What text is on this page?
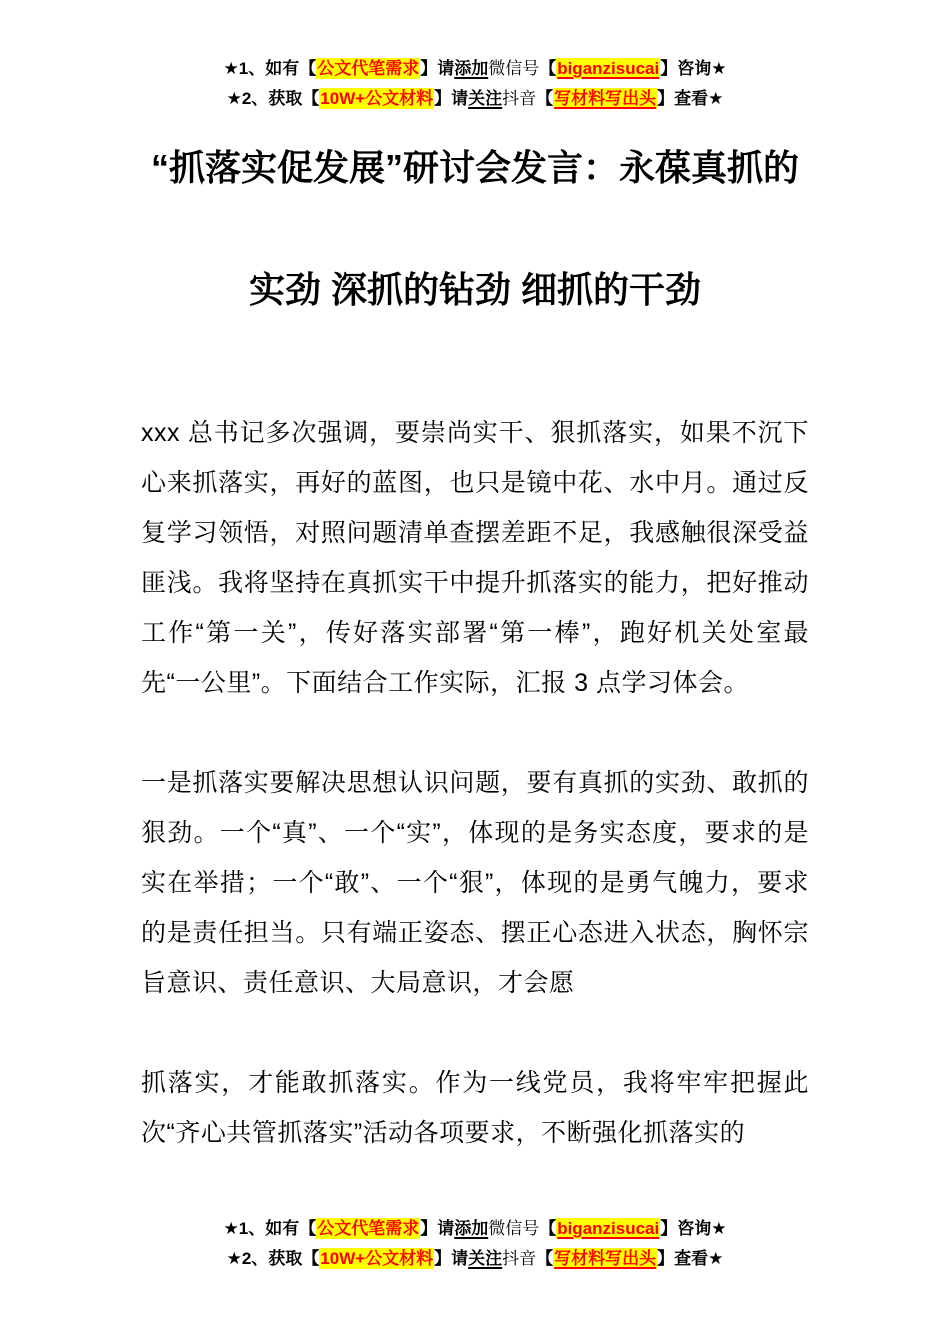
★1、如有【公文代笔需求】请添加微信号【biganzisucai】咨询★
★2、获取【10W+公文材料】请关注抖音【写材料写出头】查看★
“抓落实促发展”研讨会发言：永葆真抓的
实劲 深抓的钻劲 细抓的干劲

xxx 总书记多次强调，要崇尚实干、狠抓落实，如果不沉下心来抓落实，再好的蓝图，也只是镜中花、水中月。通过反复学习领悟，对照问题清单查摆差距不足，我感触很深受益匪浅。我将坚持在真抓实干中提升抓落实的能力，把好推动工作“第一关”，传好落实部署“第一棒”，跑好机关处室最先“一公里”。下面结合工作实际，汇报 3 点学习体会。

一是抓落实要解决思想认识问题，要有真抓的实劲、敢抓的狠劲。一个“真”、一个“实”，体现的是务实态度，要求的是实在举措；一个“敢”、一个“狠”，体现的是勇气魄力，要求的是责任担当。只有端正姿态、摆正心态进入状态，胸怀宗旨意识、责任意识、大局意识，才会愿

抓落实，才能敢抓落实。作为一线党员，我将牢牢把握此次“齐心共管抓落实”活动各项要求，不断强化抓落实的

★1、如有【公文代笔需求】请添加微信号【biganzisucai】咨询★
★2、获取【10W+公文材料】请关注抖音【写材料写出头】查看★
